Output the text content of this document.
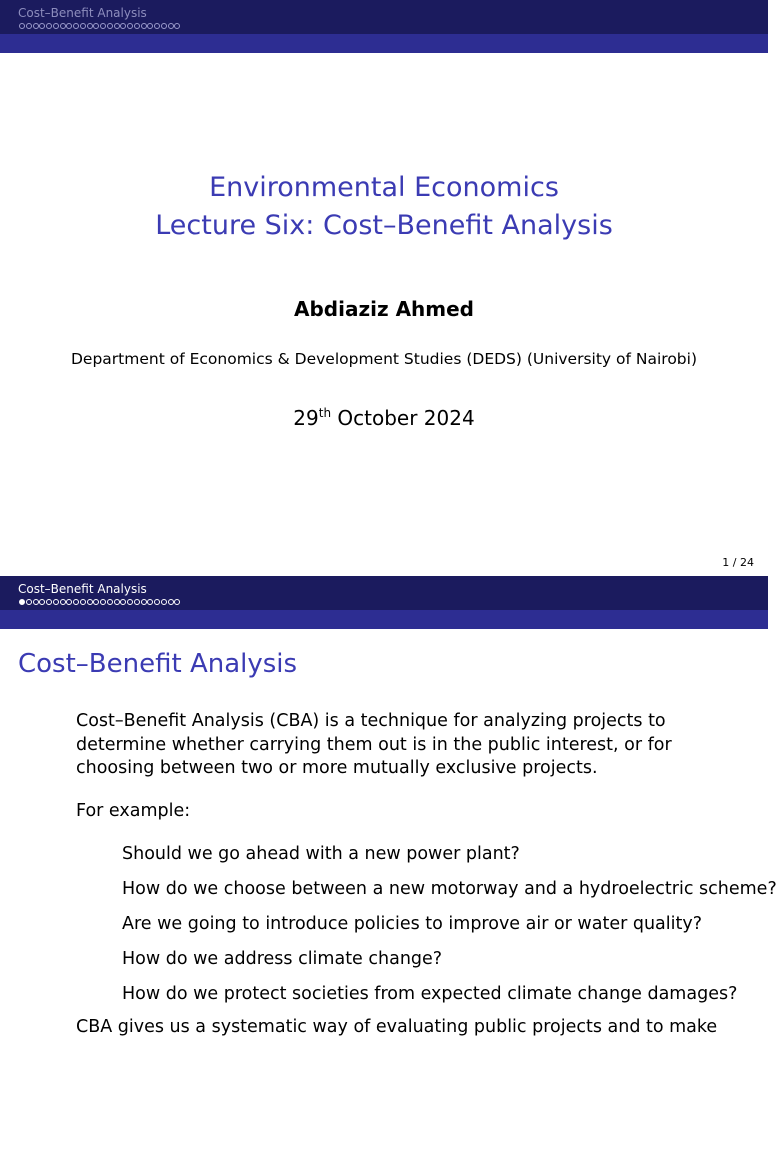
Cost–Benefit Analysis
Environmental Economics
Lecture Six: Cost–Benefit Analysis
Abdiaziz Ahmed
Department of Economics & Development Studies (DEDS) (University of Nairobi)
29th October 2024
1 / 24
Cost–Benefit Analysis
Cost–Benefit Analysis
Cost–Benefit Analysis (CBA) is a technique for analyzing projects to determine whether carrying them out is in the public interest, or for choosing between two or more mutually exclusive projects.
For example:
Should we go ahead with a new power plant?
How do we choose between a new motorway and a hydroelectric scheme?
Are we going to introduce policies to improve air or water quality?
How do we address climate change?
How do we protect societies from expected climate change damages?
CBA gives us a systematic way of evaluating public projects and to make
